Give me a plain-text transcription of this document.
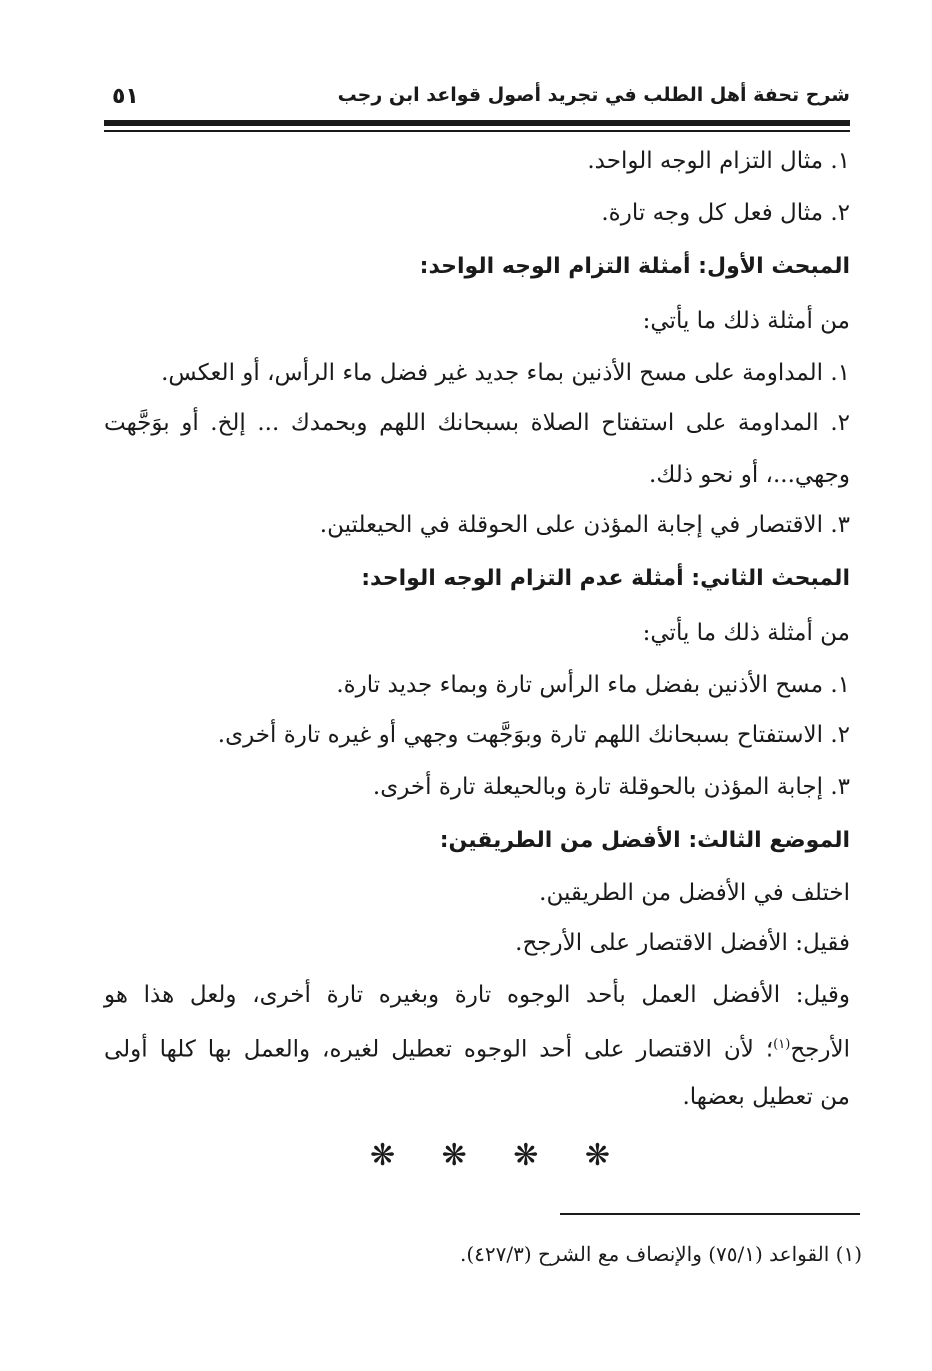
شرح تحفة أهل الطلب في تجريد أصول قواعد ابن رجب
٥١
١. مثال التزام الوجه الواحد.
٢. مثال فعل كل وجه تارة.
المبحث الأول: أمثلة التزام الوجه الواحد:
من أمثلة ذلك ما يأتي:
١. المداومة على مسح الأذنين بماء جديد غير فضل ماء الرأس، أو العكس.
٢. المداومة على استفتاح الصلاة بسبحانك اللهم وبحمدك ... إلخ. أو بوَجَّهت
وجهي...، أو نحو ذلك.
٣. الاقتصار في إجابة المؤذن على الحوقلة في الحيعلتين.
المبحث الثاني: أمثلة عدم التزام الوجه الواحد:
من أمثلة ذلك ما يأتي:
١. مسح الأذنين بفضل ماء الرأس تارة وبماء جديد تارة.
٢. الاستفتاح بسبحانك اللهم تارة وبوَجَّهت وجهي أو غيره تارة أخرى.
٣. إجابة المؤذن بالحوقلة تارة وبالحيعلة تارة أخرى.
الموضع الثالث: الأفضل من الطريقين:
اختلف في الأفضل من الطريقين.
فقيل: الأفضل الاقتصار على الأرجح.
وقيل: الأفضل العمل بأحد الوجوه تارة وبغيره تارة أخرى، ولعل هذا هو
الأرجح$^{(١)}$؛ لأن الاقتصار على أحد الوجوه تعطيل لغيره، والعمل بها كلها أولى
من تعطيل بعضها.
❋ ❋ ❋ ❋
(١) القواعد (٧٥/١) والإنصاف مع الشرح (٤٢٧/٣).
